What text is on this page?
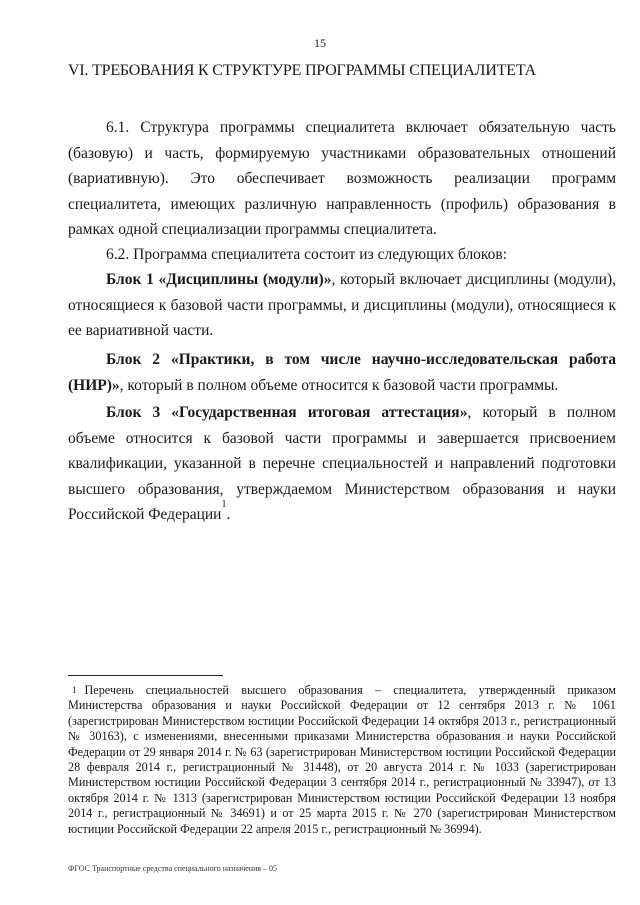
15
VI. ТРЕБОВАНИЯ К СТРУКТУРЕ ПРОГРАММЫ СПЕЦИАЛИТЕТА
6.1. Структура программы специалитета включает обязательную часть (базовую) и часть, формируемую участниками образовательных отношений (вариативную). Это обеспечивает возможность реализации программ специалитета, имеющих различную направленность (профиль) образования в рамках одной специализации программы специалитета.
6.2. Программа специалитета состоит из следующих блоков:
Блок 1 «Дисциплины (модули)», который включает дисциплины (модули), относящиеся к базовой части программы, и дисциплины (модули), относящиеся к ее вариативной части.
Блок 2 «Практики, в том числе научно-исследовательская работа (НИР)», который в полном объеме относится к базовой части программы.
Блок 3 «Государственная итоговая аттестация», который в полном объеме относится к базовой части программы и завершается присвоением квалификации, указанной в перечне специальностей и направлений подготовки высшего образования, утверждаемом Министерством образования и науки Российской Федерации$^1$.
$^1$ Перечень специальностей высшего образования – специалитета, утвержденный приказом Министерства образования и науки Российской Федерации от 12 сентября 2013 г. № 1061 (зарегистрирован Министерством юстиции Российской Федерации 14 октября 2013 г., регистрационный № 30163), с изменениями, внесенными приказами Министерства образования и науки Российской Федерации от 29 января 2014 г. № 63 (зарегистрирован Министерством юстиции Российской Федерации 28 февраля 2014 г., регистрационный № 31448), от 20 августа 2014 г. № 1033 (зарегистрирован Министерством юстиции Российской Федерации 3 сентября 2014 г., регистрационный № 33947), от 13 октября 2014 г. № 1313 (зарегистрирован Министерством юстиции Российской Федерации 13 ноября 2014 г., регистрационный № 34691) и от 25 марта 2015 г. № 270 (зарегистрирован Министерством юстиции Российской Федерации 22 апреля 2015 г., регистрационный № 36994).
ФГОС Транспортные средства специального назначения – 05
